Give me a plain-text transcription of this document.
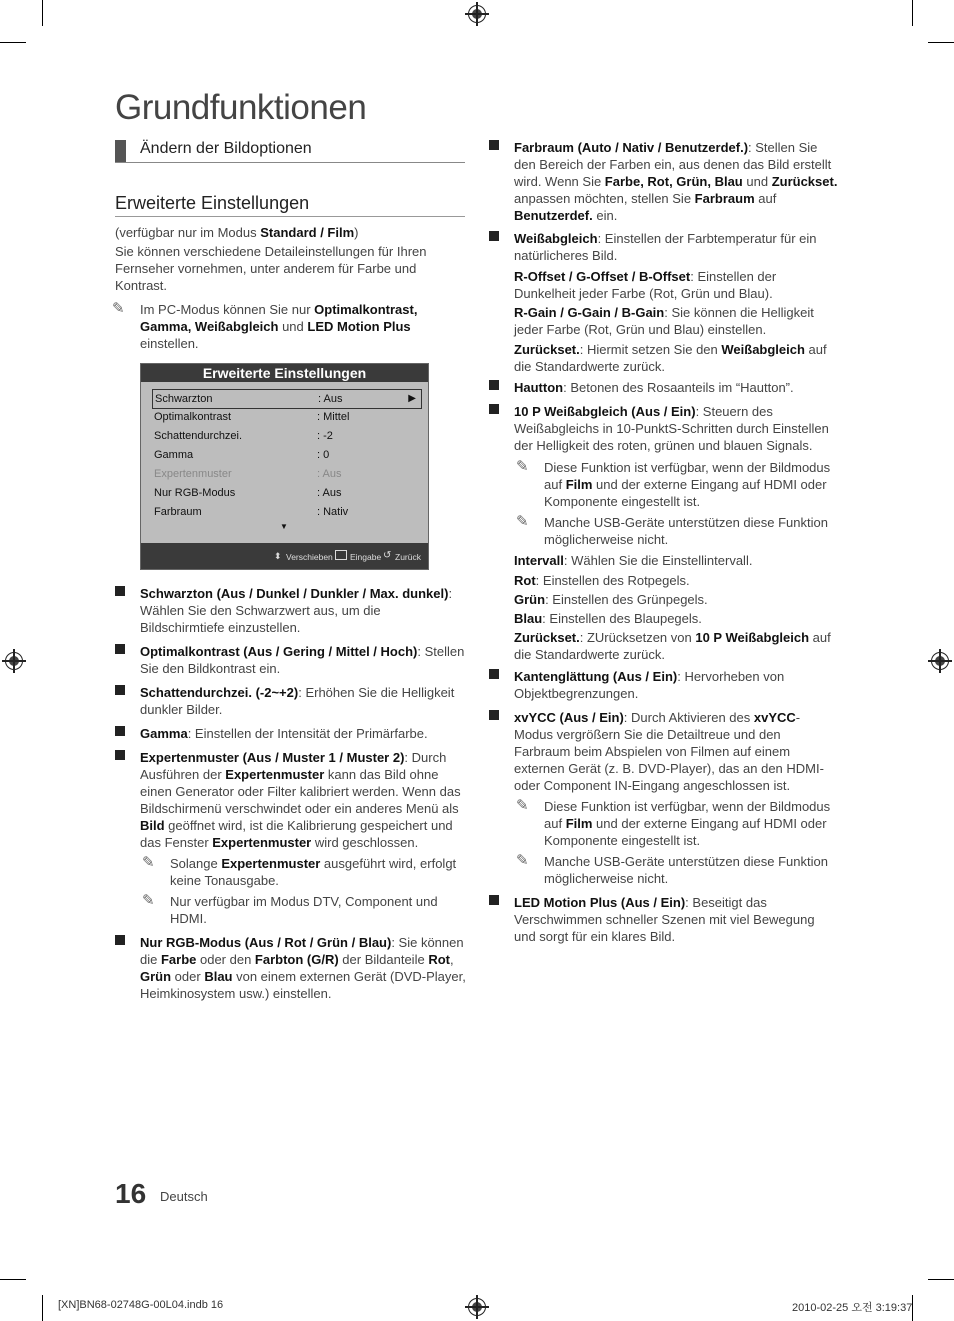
Grundfunktionen
Ändern der Bildoptionen
Erweiterte Einstellungen
(verfügbar nur im Modus Standard / Film)
Sie können verschiedene Detaileinstellungen für Ihren Fernseher vornehmen, unter anderem für Farbe und Kontrast.
✎ Im PC-Modus können Sie nur Optimalkontrast, Gamma, Weißabgleich und LED Motion Plus einstellen.
Erweiterte Einstellungen
Schwarzton	: Aus	▶
Optimalkontrast	: Mittel
Schattendurchzei.	: -2
Gamma	: 0
Expertenmuster	: Aus
Nur RGB-Modus	: Aus
Farbraum	: Nativ
▼
⬍ Verschieben Eingabe ↺ Zurück
Schwarzton (Aus / Dunkel / Dunkler / Max. dunkel): Wählen Sie den Schwarzwert aus, um die Bildschirmtiefe einzustellen.
Optimalkontrast (Aus / Gering / Mittel / Hoch): Stellen Sie den Bildkontrast ein.
Schattendurchzei. (-2~+2): Erhöhen Sie die Helligkeit dunkler Bilder.
Gamma: Einstellen der Intensität der Primärfarbe.
Expertenmuster (Aus / Muster 1 / Muster 2): Durch Ausführen der Expertenmuster kann das Bild ohne einen Generator oder Filter kalibriert werden. Wenn das Bildschirmenü verschwindet oder ein anderes Menü als Bild geöffnet wird, ist die Kalibrierung gespeichert und das Fenster Expertenmuster wird geschlossen.
✎ Solange Expertenmuster ausgeführt wird, erfolgt keine Tonausgabe.
✎ Nur verfügbar im Modus DTV, Component und HDMI.
Nur RGB-Modus (Aus / Rot / Grün / Blau): Sie können die Farbe oder den Farbton (G/R) der Bildanteile Rot, Grün oder Blau von einem externen Gerät (DVD-Player, Heimkinosystem usw.) einstellen.
Farbraum (Auto / Nativ / Benutzerdef.): Stellen Sie den Bereich der Farben ein, aus denen das Bild erstellt wird. Wenn Sie Farbe, Rot, Grün, Blau und Zurückset. anpassen möchten, stellen Sie Farbraum auf Benutzerdef. ein.
Weißabgleich: Einstellen der Farbtemperatur für ein natürlicheres Bild.
R-Offset / G-Offset / B-Offset: Einstellen der Dunkelheit jeder Farbe (Rot, Grün und Blau).
R-Gain / G-Gain / B-Gain: Sie können die Helligkeit jeder Farbe (Rot, Grün und Blau) einstellen.
Zurückset.: Hiermit setzen Sie den Weißabgleich auf die Standardwerte zurück.
Hautton: Betonen des Rosaanteils im “Hautton”.
10 P Weißabgleich (Aus / Ein): Steuern des Weißabgleichs in 10-PunktS-Schritten durch Einstellen der Helligkeit des roten, grünen und blauen Signals.
✎ Diese Funktion ist verfügbar, wenn der Bildmodus auf Film und der externe Eingang auf HDMI oder Komponente eingestellt ist.
✎ Manche USB-Geräte unterstützen diese Funktion möglicherweise nicht.
Intervall: Wählen Sie die Einstellintervall.
Rot: Einstellen des Rotpegels.
Grün: Einstellen des Grünpegels.
Blau: Einstellen des Blaupegels.
Zurückset.: ZUrücksetzen von 10 P Weißabgleich auf die Standardwerte zurück.
Kantenglättung (Aus / Ein): Hervorheben von Objektbegrenzungen.
xvYCC (Aus / Ein): Durch Aktivieren des xvYCC-Modus vergrößern Sie die Detailtreue und den Farbraum beim Abspielen von Filmen auf einem externen Gerät (z. B. DVD-Player), das an den HDMI- oder Component IN-Eingang angeschlossen ist.
✎ Diese Funktion ist verfügbar, wenn der Bildmodus auf Film und der externe Eingang auf HDMI oder Komponente eingestellt ist.
✎ Manche USB-Geräte unterstützen diese Funktion möglicherweise nicht.
LED Motion Plus (Aus / Ein): Beseitigt das Verschwimmen schneller Szenen mit viel Bewegung und sorgt für ein klares Bild.
16 Deutsch
[XN]BN68-02748G-00L04.indb 16	2010-02-25 오전 3:19:37
